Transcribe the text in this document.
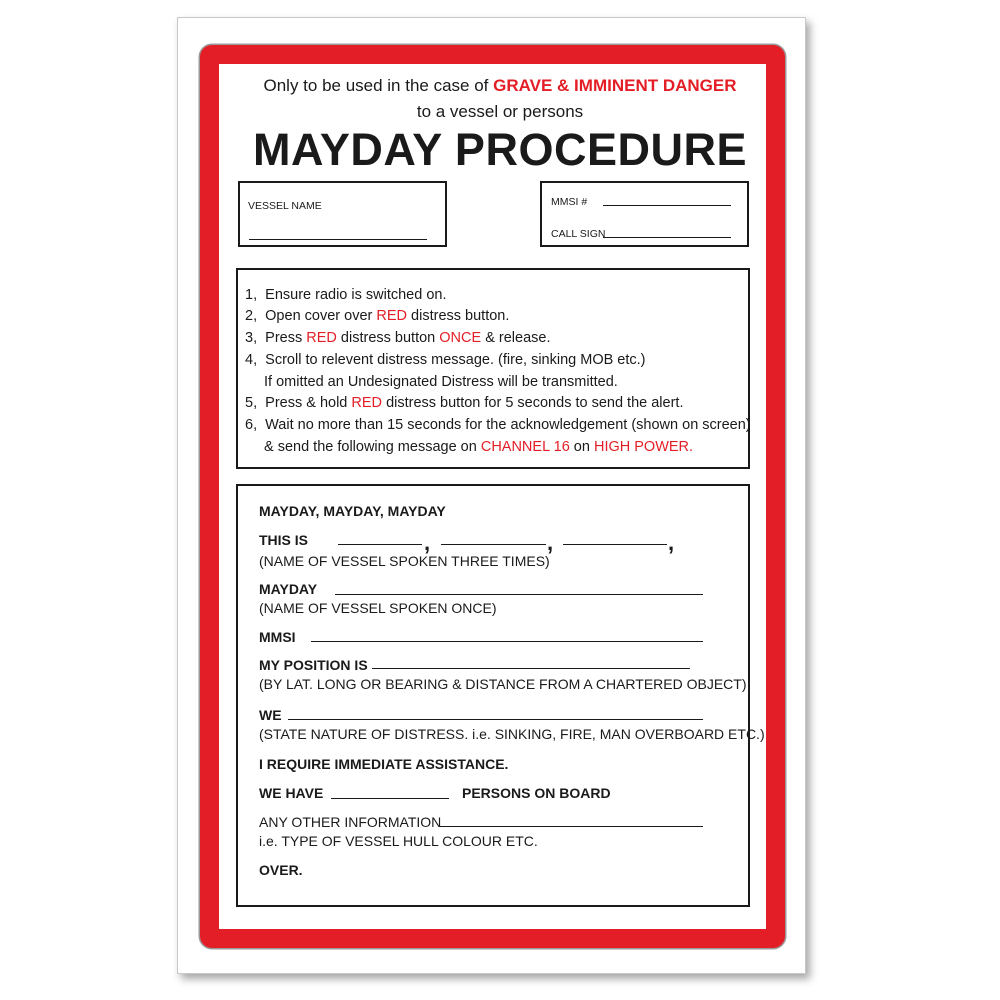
Only to be used in the case of GRAVE & IMMINENT DANGER
to a vessel or persons
MAYDAY PROCEDURE
VESSEL NAME	MMSI #
CALL SIGN
1, Ensure radio is switched on.
2, Open cover over RED distress button.
3, Press RED distress button ONCE & release.
4, Scroll to relevent distress message. (fire, sinking MOB etc.)
If omitted an Undesignated Distress will be transmitted.
5, Press & hold RED distress button for 5 seconds to send the alert.
6, Wait no more than 15 seconds for the acknowledgement (shown on screen)
& send the following message on CHANNEL 16 on HIGH POWER.
MAYDAY, MAYDAY, MAYDAY
THIS IS	,	,	,
(NAME OF VESSEL SPOKEN THREE TIMES)
MAYDAY
(NAME OF VESSEL SPOKEN ONCE)
MMSI
MY POSITION IS
(BY LAT. LONG OR BEARING & DISTANCE FROM A CHARTERED OBJECT)
WE
(STATE NATURE OF DISTRESS. i.e. SINKING, FIRE, MAN OVERBOARD ETC.)
I REQUIRE IMMEDIATE ASSISTANCE.
WE HAVE	PERSONS ON BOARD
ANY OTHER INFORMATION
i.e. TYPE OF VESSEL HULL COLOUR ETC.
OVER.
